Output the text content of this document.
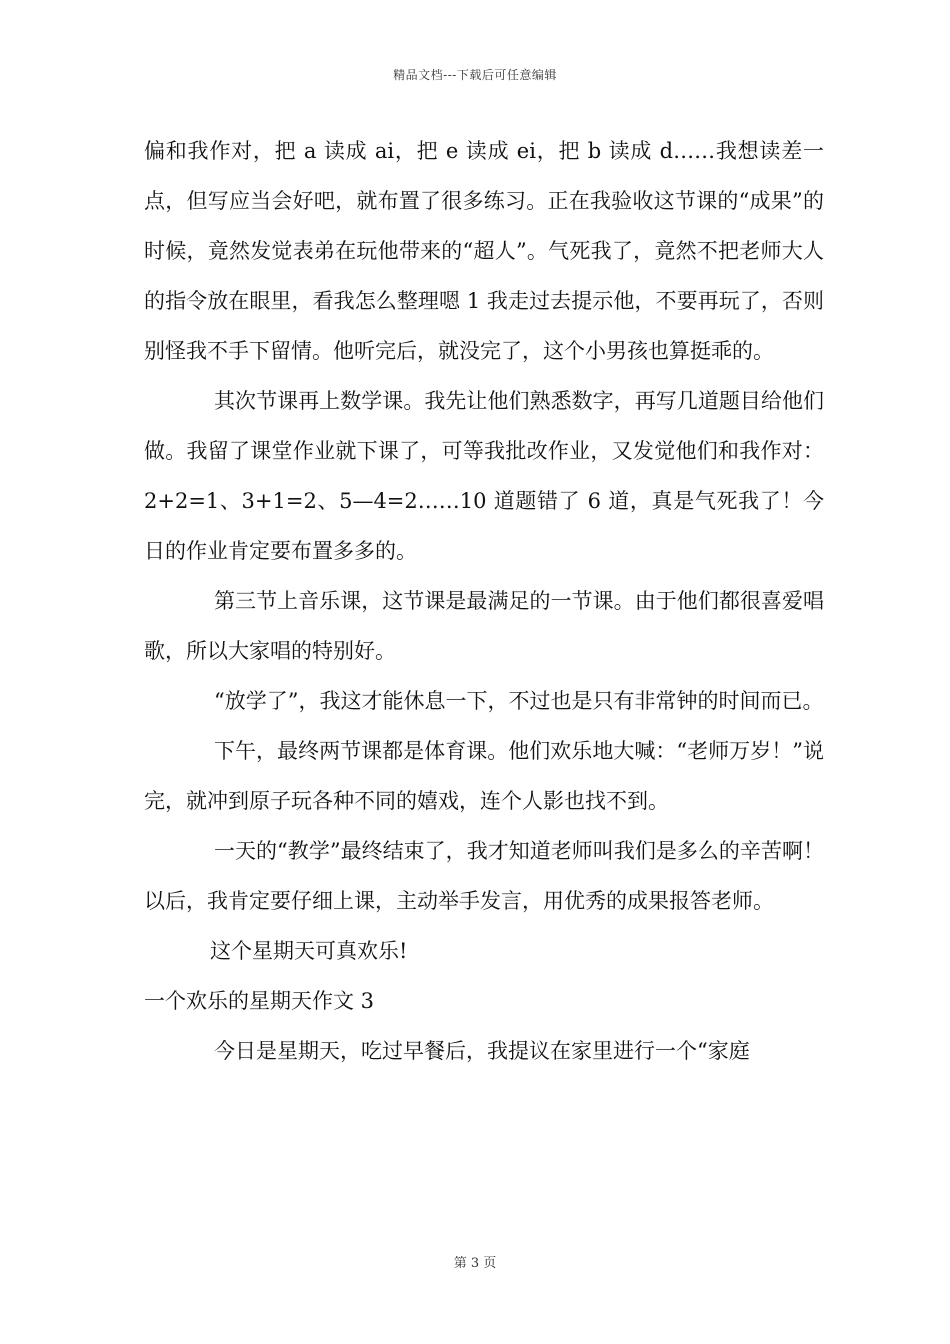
精品文档---下载后可任意编辑

偏和我作对，把 a 读成 ai，把 e 读成 ei，把 b 读成 d……我想读差一点，但写应当会好吧，就布置了很多练习。正在我验收这节课的“成果”的时候，竟然发觉表弟在玩他带来的“超人”。气死我了，竟然不把老师大人的指令放在眼里，看我怎么整理嗯 1 我走过去提示他，不要再玩了，否则别怪我不手下留情。他听完后，就没完了，这个小男孩也算挺乖的。

其次节课再上数学课。我先让他们熟悉数字，再写几道题目给他们做。我留了课堂作业就下课了，可等我批改作业，又发觉他们和我作对：2+2=1、3+1=2、5—4=2……10 道题错了 6 道，真是气死我了！今日的作业肯定要布置多多的。

第三节上音乐课，这节课是最满足的一节课。由于他们都很喜爱唱歌，所以大家唱的特别好。

“放学了”，我这才能休息一下，不过也是只有非常钟的时间而已。

下午，最终两节课都是体育课。他们欢乐地大喊：“老师万岁！”说完，就冲到原子玩各种不同的嬉戏，连个人影也找不到。

一天的“教学”最终结束了，我才知道老师叫我们是多么的辛苦啊！以后，我肯定要仔细上课，主动举手发言，用优秀的成果报答老师。

这个星期天可真欢乐!

一个欢乐的星期天作文 3

今日是星期天，吃过早餐后，我提议在家里进行一个“家庭

第 3 页
